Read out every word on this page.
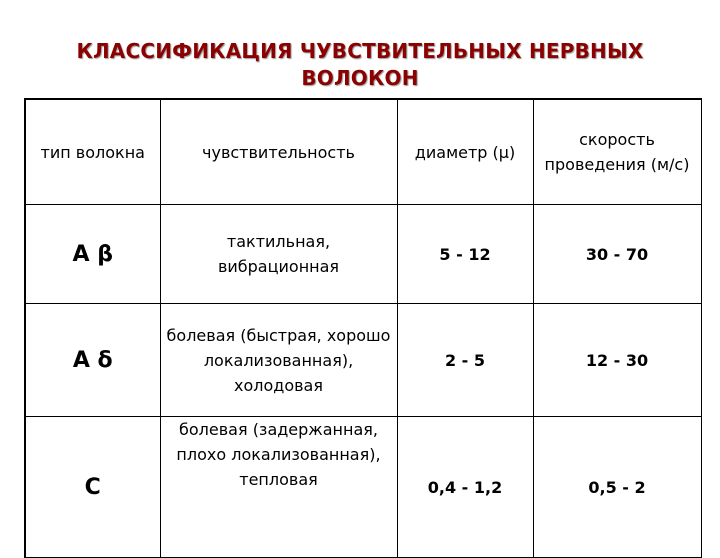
КЛАССИФИКАЦИЯ ЧУВСТВИТЕЛЬНЫХ НЕРВНЫХ
ВОЛОКОН
тип волокна	чувствительность	диаметр (μ)	скорость проведения (м/с)
A β	тактильная, вибрационная	5 - 12	30 - 70
A δ	болевая (быстрая, хорошо локализованная), холодовая	2 - 5	12 - 30
C	болевая (задержанная, плохо локализованная), тепловая	0,4 - 1,2	0,5 - 2
